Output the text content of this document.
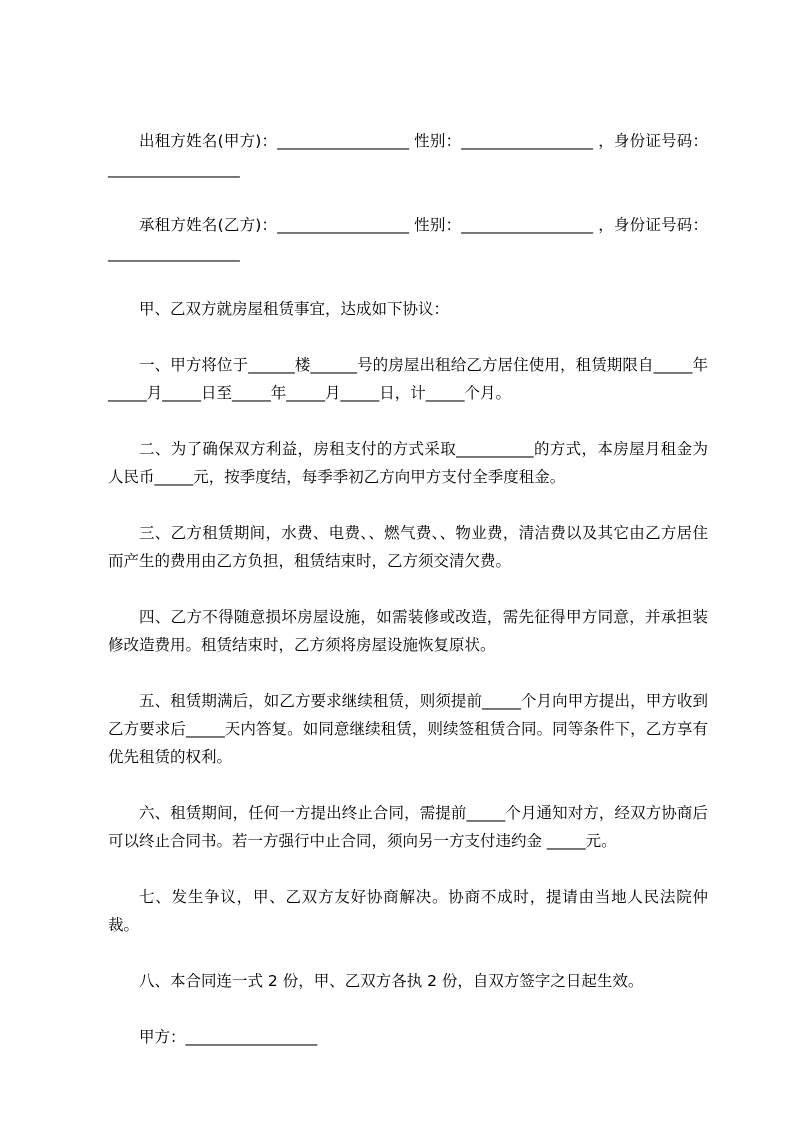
出租方姓名(甲方)：_________________ 性别：_________________ ，身份证号码：_________________

承租方姓名(乙方)：_________________ 性别：_________________ ，身份证号码：_________________

甲、乙双方就房屋租赁事宜，达成如下协议：

一、甲方将位于______楼______号的房屋出租给乙方居住使用，租赁期限自_____年_____月_____日至_____年_____月_____日，计_____个月。

二、为了确保双方利益，房租支付的方式采取__________的方式，本房屋月租金为人民币_____元，按季度结，每季季初乙方向甲方支付全季度租金。

三、乙方租赁期间，水费、电费、、燃气费、、物业费，清洁费以及其它由乙方居住而产生的费用由乙方负担，租赁结束时，乙方须交清欠费。

四、乙方不得随意损坏房屋设施，如需装修或改造，需先征得甲方同意，并承担装修改造费用。租赁结束时，乙方须将房屋设施恢复原状。

五、租赁期满后，如乙方要求继续租赁，则须提前_____个月向甲方提出，甲方收到乙方要求后_____天内答复。如同意继续租赁，则续签租赁合同。同等条件下，乙方享有优先租赁的权利。

六、租赁期间，任何一方提出终止合同，需提前_____个月通知对方，经双方协商后可以终止合同书。若一方强行中止合同，须向另一方支付违约金 _____元。

七、发生争议，甲、乙双方友好协商解决。协商不成时，提请由当地人民法院仲裁。

八、本合同连一式 2 份，甲、乙双方各执 2 份，自双方签字之日起生效。

甲方：_________________
